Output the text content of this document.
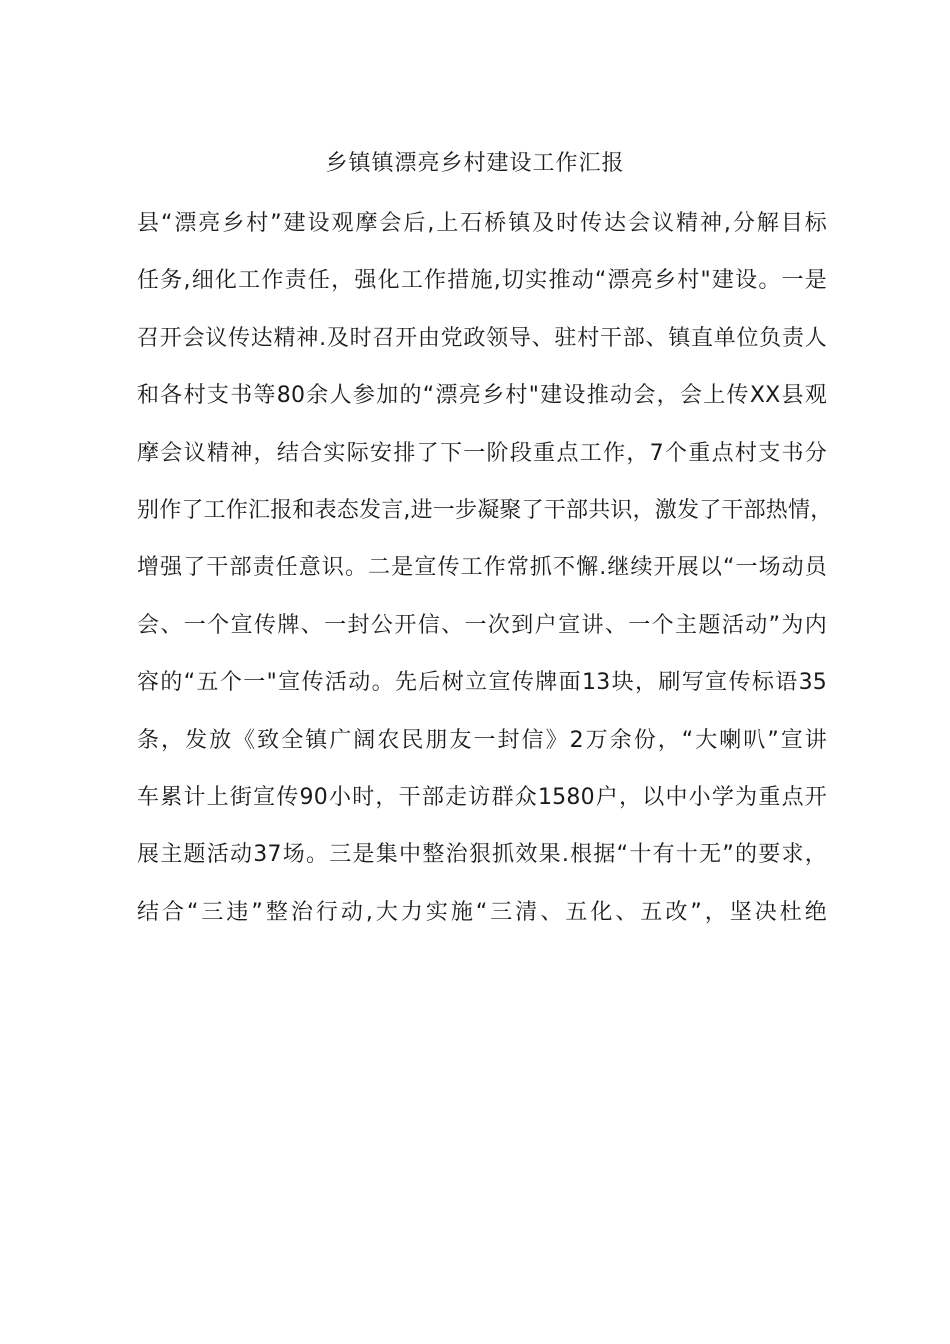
乡镇镇漂亮乡村建设工作汇报
县“漂亮乡村”建设观摩会后,上石桥镇及时传达会议精神,分解目标
任务,细化工作责任，强化工作措施,切实推动“漂亮乡村"建设。一是
召开会议传达精神.及时召开由党政领导、驻村干部、镇直单位负责人
和各村支书等80余人参加的“漂亮乡村"建设推动会，会上传XX县观
摩会议精神，结合实际安排了下一阶段重点工作，7个重点村支书分
别作了工作汇报和表态发言,进一步凝聚了干部共识，激发了干部热情，
增强了干部责任意识。二是宣传工作常抓不懈.继续开展以“一场动员
会、一个宣传牌、一封公开信、一次到户宣讲、一个主题活动”为内
容的“五个一"宣传活动。先后树立宣传牌面13块，刷写宣传标语35
条，发放《致全镇广阔农民朋友一封信》2万余份，“大喇叭”宣讲
车累计上街宣传90小时，干部走访群众1580户，以中小学为重点开
展主题活动37场。三是集中整治狠抓效果.根据“十有十无”的要求，
结合“三违”整治行动,大力实施“三清、五化、五改”，坚决杜绝
